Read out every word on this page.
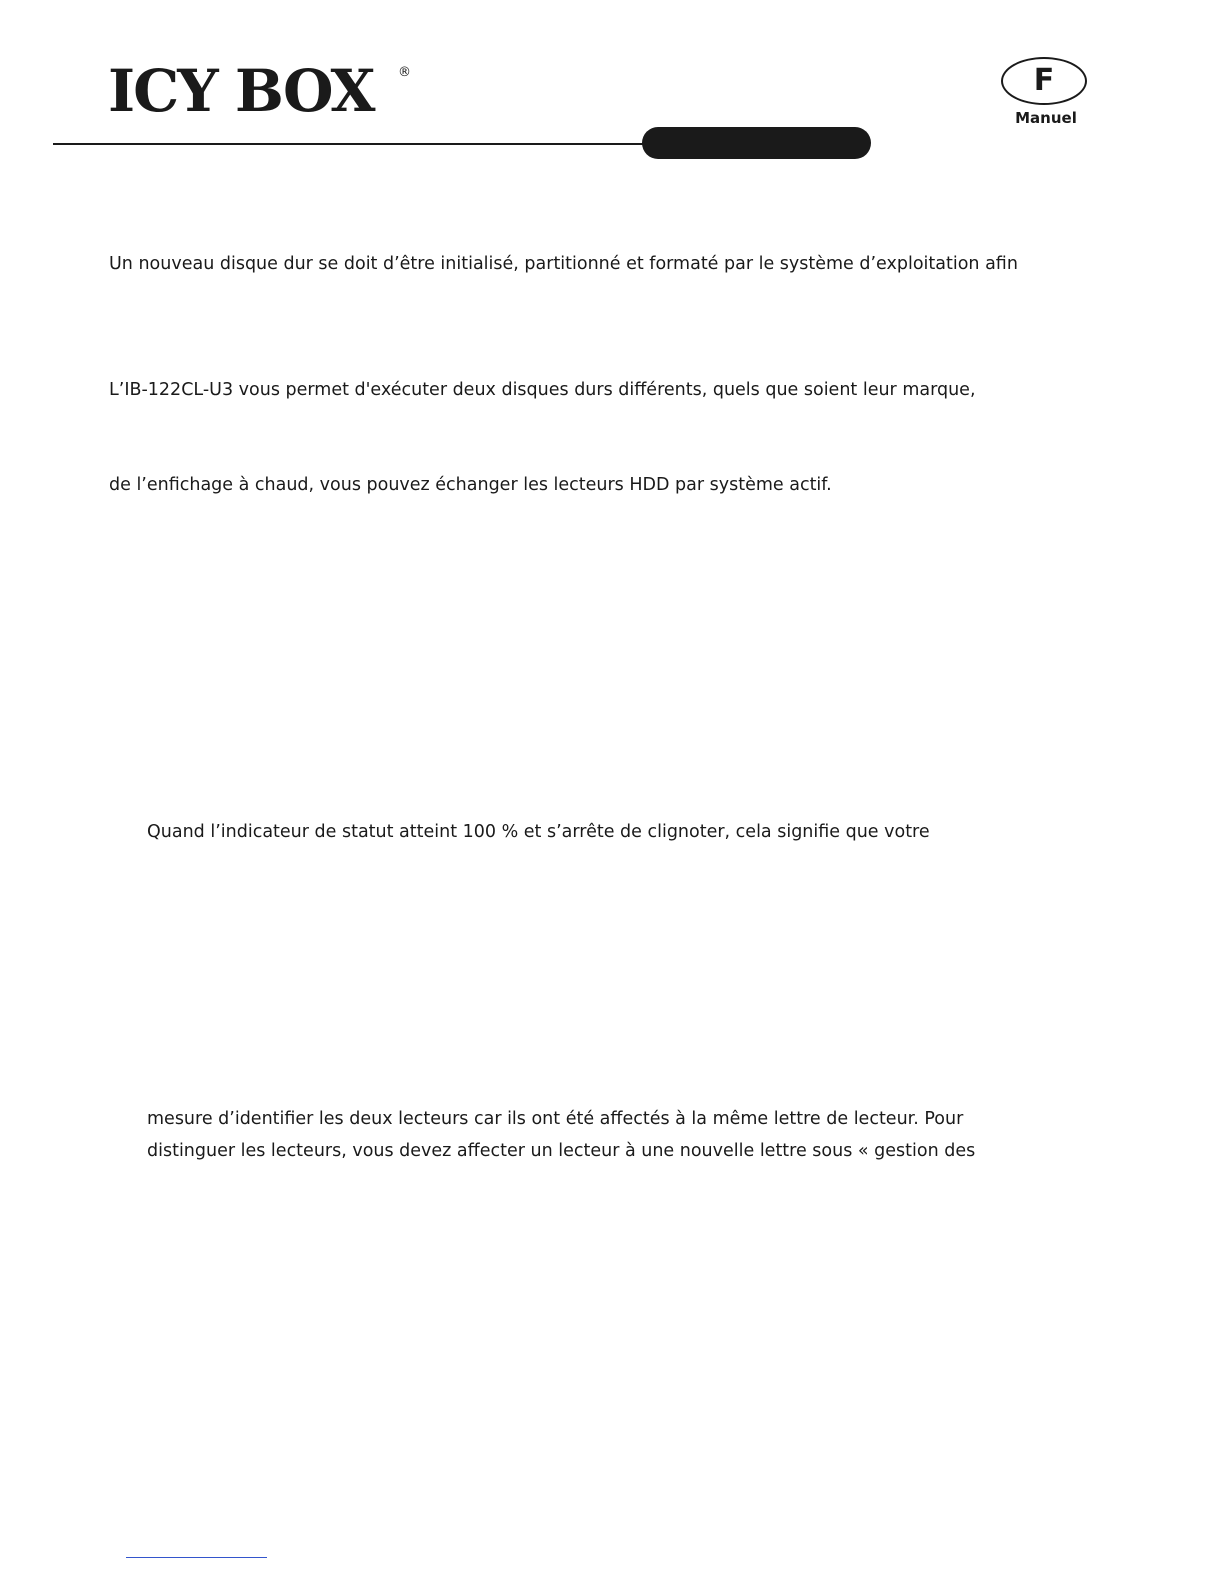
ICY BOX ®	F
Manuel
Un nouveau disque dur se doit d’être initialisé, partitionné et formaté par le système d’exploitation afin
L’IB-122CL-U3 vous permet d'exécuter deux disques durs différents, quels que soient leur marque,
de l’enfichage à chaud, vous pouvez échanger les lecteurs HDD par système actif.
Quand l’indicateur de statut atteint 100 % et s’arrête de clignoter, cela signifie que votre
mesure d’identifier les deux lecteurs car ils ont été affectés à la même lettre de lecteur. Pour
distinguer les lecteurs, vous devez affecter un lecteur à une nouvelle lettre sous « gestion des
